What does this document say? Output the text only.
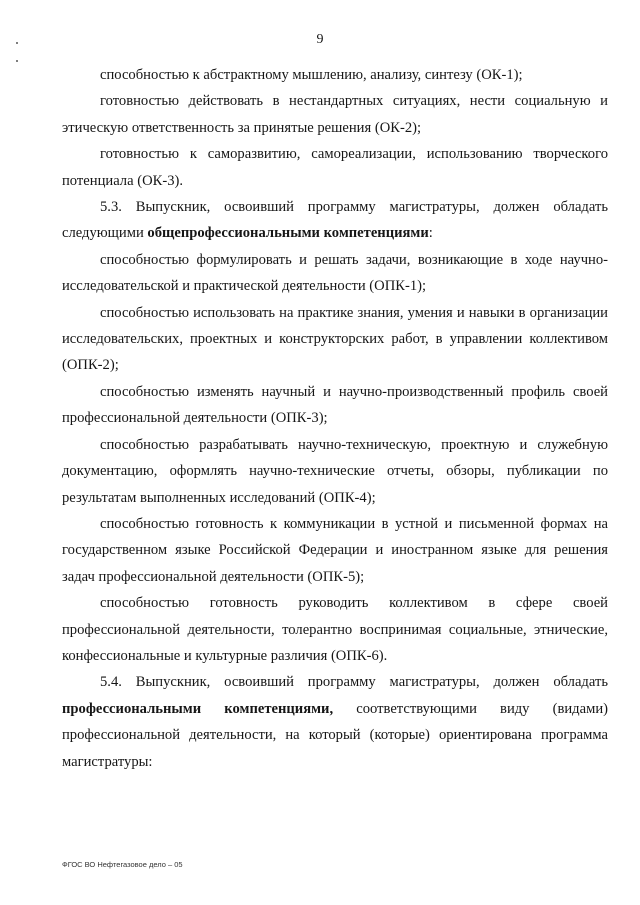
9

способностью к абстрактному мышлению, анализу, синтезу (ОК-1);

готовностью действовать в нестандартных ситуациях, нести социальную и этическую ответственность за принятые решения (ОК-2);

готовностью к саморазвитию, самореализации, использованию творческого потенциала (ОК-3).

5.3. Выпускник, освоивший программу магистратуры, должен обладать следующими общепрофессиональными компетенциями:

способностью формулировать и решать задачи, возникающие в ходе научно-исследовательской и практической деятельности (ОПК-1);

способностью использовать на практике знания, умения и навыки в организации исследовательских, проектных и конструкторских работ, в управлении коллективом (ОПК-2);

способностью изменять научный и научно-производственный профиль своей профессиональной деятельности (ОПК-3);

способностью разрабатывать научно-техническую, проектную и служебную документацию, оформлять научно-технические отчеты, обзоры, публикации по результатам выполненных исследований (ОПК-4);

способностью готовность к коммуникации в устной и письменной формах на государственном языке Российской Федерации и иностранном языке для решения задач профессиональной деятельности (ОПК-5);

способностью готовность руководить коллективом в сфере своей профессиональной деятельности, толерантно воспринимая социальные, этнические, конфессиональные и культурные различия (ОПК-6).

5.4. Выпускник, освоивший программу магистратуры, должен обладать профессиональными компетенциями, соответствующими виду (видами) профессиональной деятельности, на который (которые) ориентирована программа магистратуры:

ФГОС ВО Нефтегазовое дело – 05
